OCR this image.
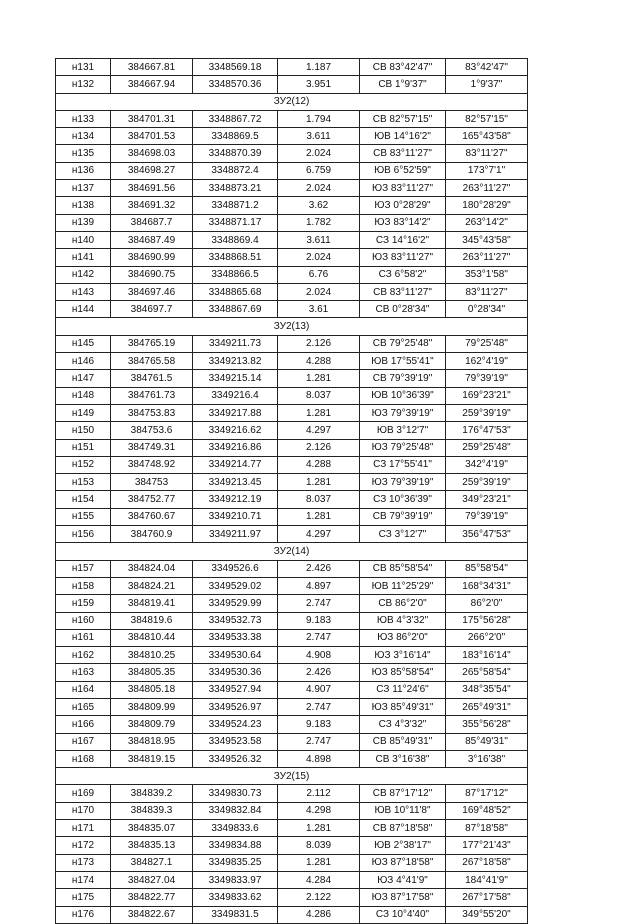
н131	384667.81	3348569.18	1.187	СВ 83°42'47"	83°42'47"
н132	384667.94	3348570.36	3.951	СВ 1°9'37"	1°9'37"
ЗУ2(12)					
н133	384701.31	3348867.72	1.794	СВ 82°57'15"	82°57'15"
н134	384701.53	3348869.5	3.611	ЮВ 14°16'2"	165°43'58"
н135	384698.03	3348870.39	2.024	СВ 83°11'27"	83°11'27"
н136	384698.27	3348872.4	6.759	ЮВ 6°52'59"	173°7'1"
н137	384691.56	3348873.21	2.024	ЮЗ 83°11'27"	263°11'27"
н138	384691.32	3348871.2	3.62	ЮЗ 0°28'29"	180°28'29"
н139	384687.7	3348871.17	1.782	ЮЗ 83°14'2"	263°14'2"
н140	384687.49	3348869.4	3.611	СЗ 14°16'2"	345°43'58"
н141	384690.99	3348868.51	2.024	ЮЗ 83°11'27"	263°11'27"
н142	384690.75	3348866.5	6.76	СЗ 6°58'2"	353°1'58"
н143	384697.46	3348865.68	2.024	СВ 83°11'27"	83°11'27"
н144	384697.7	3348867.69	3.61	СВ 0°28'34"	0°28'34"
ЗУ2(13)					
н145	384765.19	3349211.73	2.126	СВ 79°25'48"	79°25'48"
н146	384765.58	3349213.82	4.288	ЮВ 17°55'41"	162°4'19"
н147	384761.5	3349215.14	1.281	СВ 79°39'19"	79°39'19"
н148	384761.73	3349216.4	8.037	ЮВ 10°36'39"	169°23'21"
н149	384753.83	3349217.88	1.281	ЮЗ 79°39'19"	259°39'19"
н150	384753.6	3349216.62	4.297	ЮВ 3°12'7"	176°47'53"
н151	384749.31	3349216.86	2.126	ЮЗ 79°25'48"	259°25'48"
н152	384748.92	3349214.77	4.288	СЗ 17°55'41"	342°4'19"
н153	384753	3349213.45	1.281	ЮЗ 79°39'19"	259°39'19"
н154	384752.77	3349212.19	8.037	СЗ 10°36'39"	349°23'21"
н155	384760.67	3349210.71	1.281	СВ 79°39'19"	79°39'19"
н156	384760.9	3349211.97	4.297	СЗ 3°12'7"	356°47'53"
ЗУ2(14)					
н157	384824.04	3349526.6	2.426	СВ 85°58'54"	85°58'54"
н158	384824.21	3349529.02	4.897	ЮВ 11°25'29"	168°34'31"
н159	384819.41	3349529.99	2.747	СВ 86°2'0"	86°2'0"
н160	384819.6	3349532.73	9.183	ЮВ 4°3'32"	175°56'28"
н161	384810.44	3349533.38	2.747	ЮЗ 86°2'0"	266°2'0"
н162	384810.25	3349530.64	4.908	ЮЗ 3°16'14"	183°16'14"
н163	384805.35	3349530.36	2.426	ЮЗ 85°58'54"	265°58'54"
н164	384805.18	3349527.94	4.907	СЗ 11°24'6"	348°35'54"
н165	384809.99	3349526.97	2.747	ЮЗ 85°49'31"	265°49'31"
н166	384809.79	3349524.23	9.183	СЗ 4°3'32"	355°56'28"
н167	384818.95	3349523.58	2.747	СВ 85°49'31"	85°49'31"
н168	384819.15	3349526.32	4.898	СВ 3°16'38"	3°16'38"
ЗУ2(15)					
н169	384839.2	3349830.73	2.112	СВ 87°17'12"	87°17'12"
н170	384839.3	3349832.84	4.298	ЮВ 10°11'8"	169°48'52"
н171	384835.07	3349833.6	1.281	СВ 87°18'58"	87°18'58"
н172	384835.13	3349834.88	8.039	ЮВ 2°38'17"	177°21'43"
н173	384827.1	3349835.25	1.281	ЮЗ 87°18'58"	267°18'58"
н174	384827.04	3349833.97	4.284	ЮЗ 4°41'9"	184°41'9"
н175	384822.77	3349833.62	2.122	ЮЗ 87°17'58"	267°17'58"
н176	384822.67	3349831.5	4.286	СЗ 10°4'40"	349°55'20"
